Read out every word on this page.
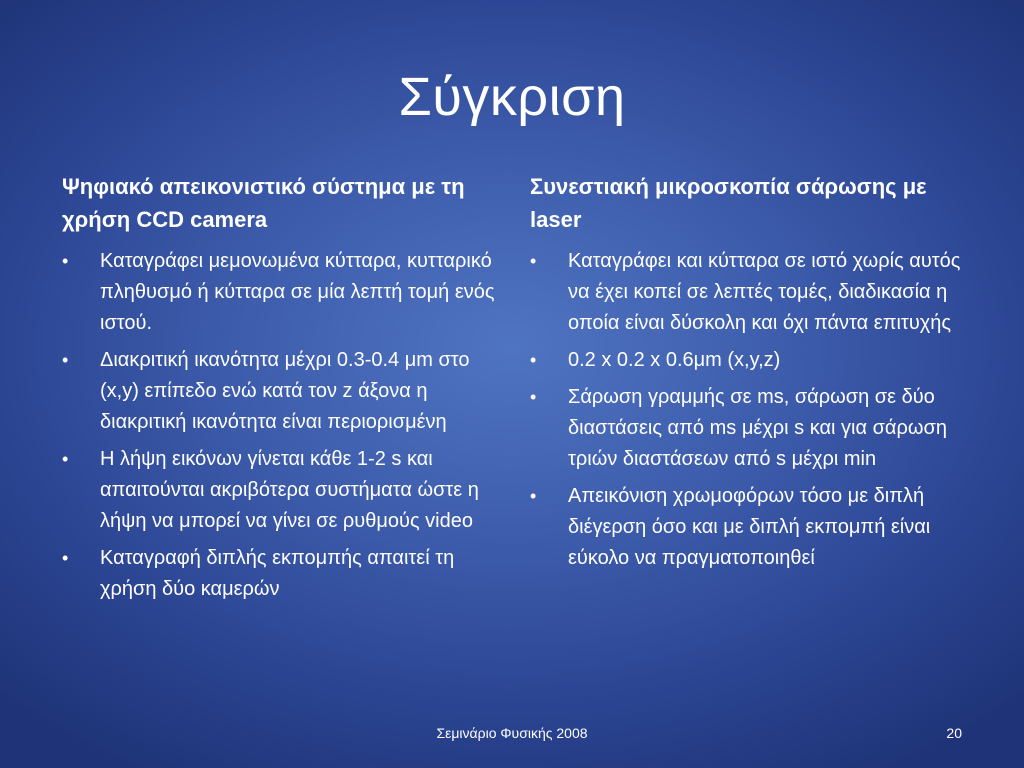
Σύγκριση
Ψηφιακό απεικονιστικό σύστημα με τη χρήση CCD camera
• Καταγράφει μεμονωμένα κύτταρα, κυτταρικό πληθυσμό ή κύτταρα σε μία λεπτή τομή ενός ιστού.
• Διακριτική ικανότητα μέχρι 0.3-0.4 μm στο (x,y) επίπεδο ενώ κατά τον z άξονα η διακριτική ικανότητα είναι περιορισμένη
• Η λήψη εικόνων γίνεται κάθε 1-2 s και απαιτούνται ακριβότερα συστήματα ώστε η λήψη να μπορεί να γίνει σε ρυθμούς video
• Καταγραφή διπλής εκπομπής απαιτεί τη χρήση δύο καμερών
Συνεστιακή μικροσκοπία σάρωσης με laser
• Καταγράφει και κύτταρα σε ιστό χωρίς αυτός να έχει κοπεί σε λεπτές τομές, διαδικασία η οποία είναι δύσκολη και όχι πάντα επιτυχής
• 0.2 x 0.2 x 0.6μm (x,y,z)
• Σάρωση γραμμής σε ms, σάρωση σε δύο διαστάσεις από ms μέχρι s και για σάρωση τριών διαστάσεων από s μέχρι min
• Απεικόνιση χρωμοφόρων τόσο με διπλή διέγερση όσο και με διπλή εκπομπή είναι εύκολο να πραγματοποιηθεί
Σεμινάριο Φυσικής 2008	20
